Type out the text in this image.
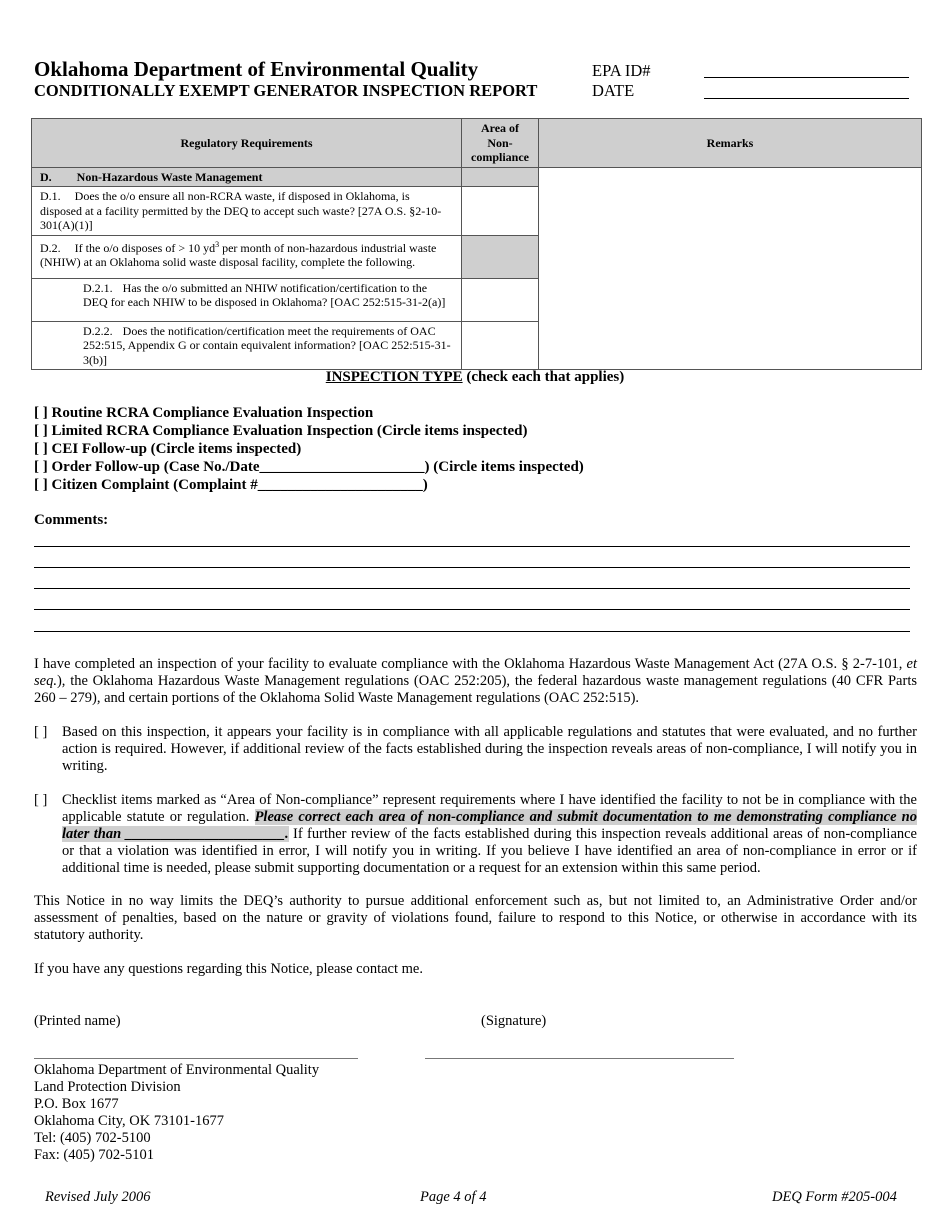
Oklahoma Department of Environmental Quality
CONDITIONALLY EXEMPT GENERATOR INSPECTION REPORT
EPA ID#
DATE
Regulatory Requirements	Area of Non-compliance	Remarks
D. Non-Hazardous Waste Management		
D.1. Does the o/o ensure all non-RCRA waste, if disposed in Oklahoma, is disposed at a facility permitted by the DEQ to accept such waste? [27A O.S. §2-10-301(A)(1)]		
D.2. If the o/o disposes of > 10 $yd^3$ per month of non-hazardous industrial waste (NHIW) at an Oklahoma solid waste disposal facility, complete the following.		
D.2.1. Has the o/o submitted an NHIW notification/certification to the DEQ for each NHIW to be disposed in Oklahoma? [OAC 252:515-31-2(a)]		
D.2.2. Does the notification/certification meet the requirements of OAC 252:515, Appendix G or contain equivalent information? [OAC 252:515-31-3(b)]		
INSPECTION TYPE (check each that applies)
[ ] Routine RCRA Compliance Evaluation Inspection
[ ] Limited RCRA Compliance Evaluation Inspection (Circle items inspected)
[ ] CEI Follow-up (Circle items inspected)
[ ] Order Follow-up (Case No./Date______________________) (Circle items inspected)
[ ] Citizen Complaint (Complaint #______________________)
Comments:
I have completed an inspection of your facility to evaluate compliance with the Oklahoma Hazardous Waste Management Act (27A O.S. § 2-7-101, et seq.), the Oklahoma Hazardous Waste Management regulations (OAC 252:205), the federal hazardous waste management regulations (40 CFR Parts 260 – 279), and certain portions of the Oklahoma Solid Waste Management regulations (OAC 252:515).
[ ] Based on this inspection, it appears your facility is in compliance with all applicable regulations and statutes that were evaluated, and no further action is required. However, if additional review of the facts established during the inspection reveals areas of non-compliance, I will notify you in writing.
[ ] Checklist items marked as “Area of Non-compliance” represent requirements where I have identified the facility to not be in compliance with the applicable statute or regulation. Please correct each area of non-compliance and submit documentation to me demonstrating compliance no later than ______________________. If further review of the facts established during this inspection reveals additional areas of non-compliance or that a violation was identified in error, I will notify you in writing. If you believe I have identified an area of non-compliance in error or if additional time is needed, please submit supporting documentation or a request for an extension within this same period.
This Notice in no way limits the DEQ’s authority to pursue additional enforcement such as, but not limited to, an Administrative Order and/or assessment of penalties, based on the nature or gravity of violations found, failure to respond to this Notice, or otherwise in accordance with its statutory authority.
If you have any questions regarding this Notice, please contact me.
(Printed name)	(Signature)
Oklahoma Department of Environmental Quality
Land Protection Division
P.O. Box 1677
Oklahoma City, OK 73101-1677
Tel: (405) 702-5100
Fax: (405) 702-5101
Revised July 2006	Page 4 of 4	DEQ Form #205-004
